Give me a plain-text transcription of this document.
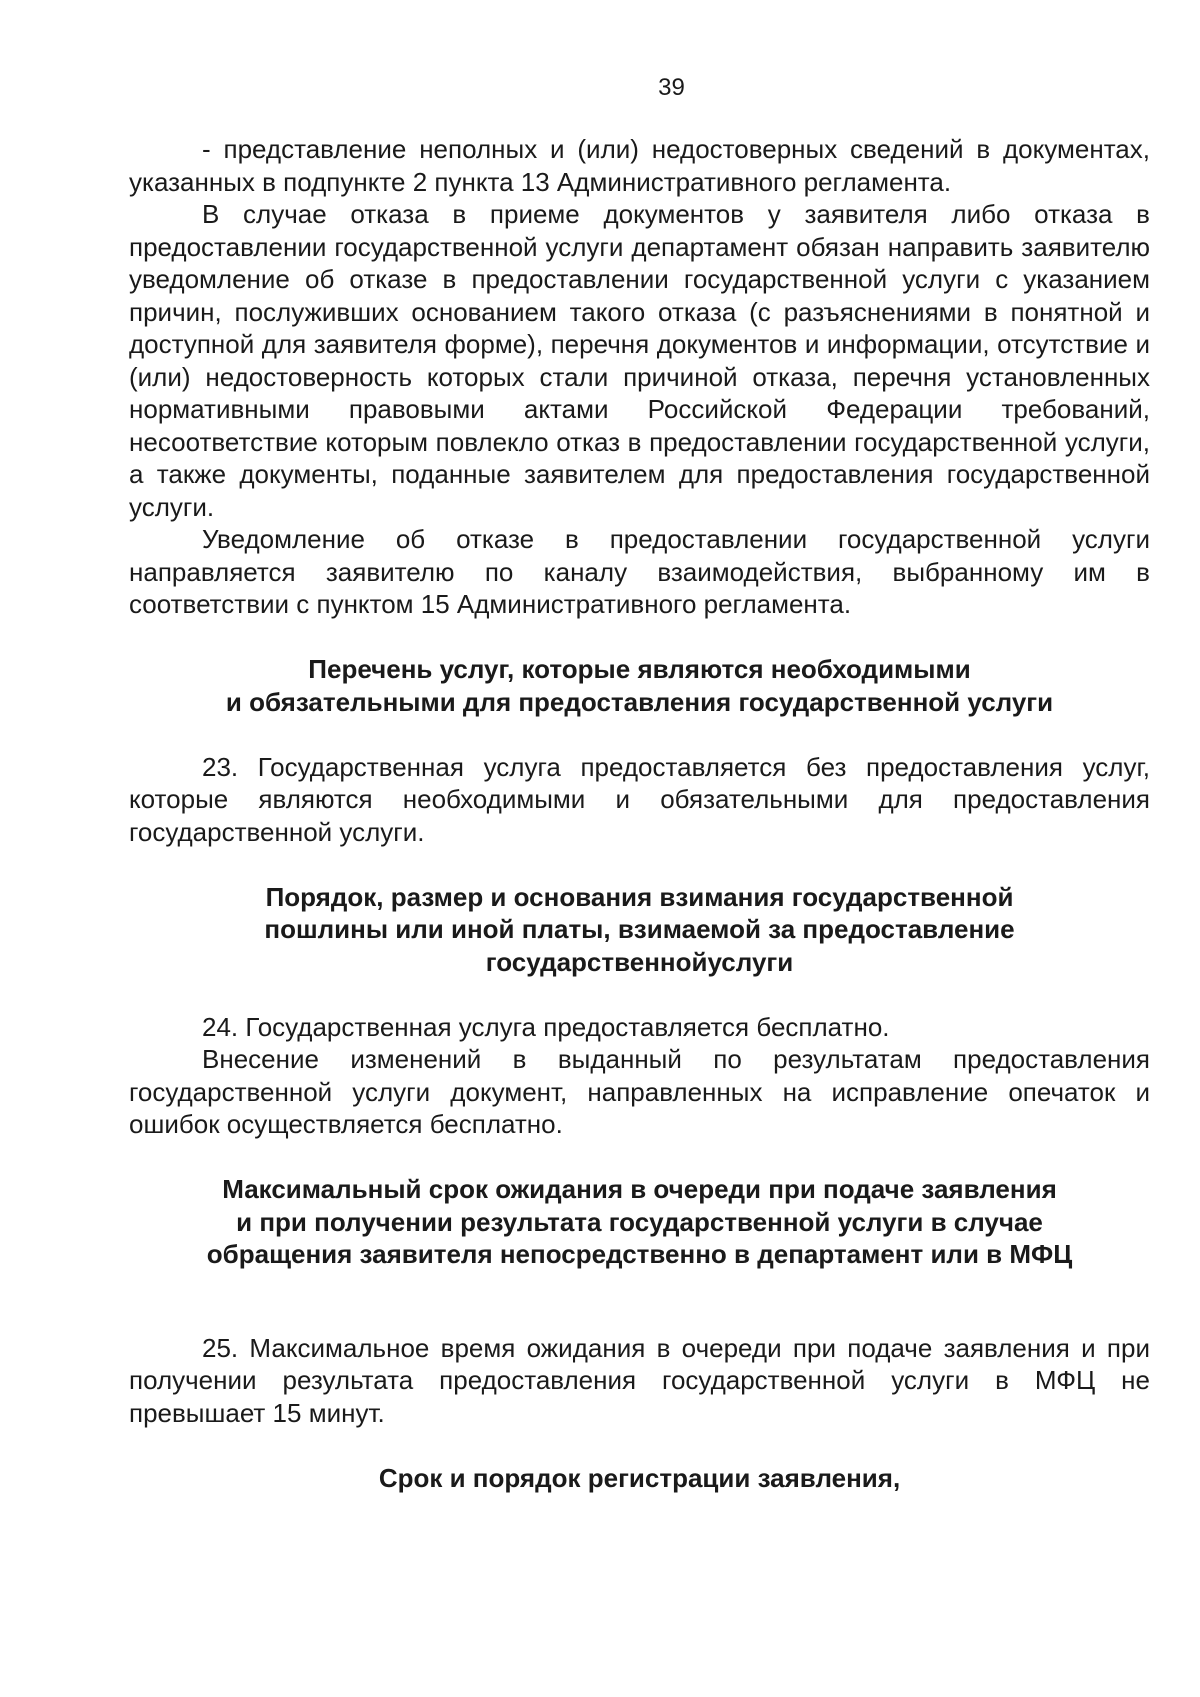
39

- представление неполных и (или) недостоверных сведений в документах, указанных в подпункте 2 пункта 13 Административного регламента.

В случае отказа в приеме документов у заявителя либо отказа в предоставлении государственной услуги департамент обязан направить заявителю уведомление об отказе в предоставлении государственной услуги с указанием причин, послуживших основанием такого отказа (с разъяснениями в понятной и доступной для заявителя форме), перечня документов и информации, отсутствие и (или) недостоверность которых стали причиной отказа, перечня установленных нормативными правовыми актами Российской Федерации требований, несоответствие которым повлекло отказ в предоставлении государственной услуги, а также документы, поданные заявителем для предоставления государственной услуги.

Уведомление об отказе в предоставлении государственной услуги направляется заявителю по каналу взаимодействия, выбранному им в соответствии с пунктом 15 Административного регламента.

Перечень услуг, которые являются необходимыми

и обязательными для предоставления государственной услуги

23. Государственная услуга предоставляется без предоставления услуг, которые являются необходимыми и обязательными для предоставления государственной услуги.

Порядок, размер и основания взимания государственной

пошлины или иной платы, взимаемой за предоставление

государственнойуслуги

24. Государственная услуга предоставляется бесплатно.

Внесение изменений в выданный по результатам предоставления государственной услуги документ, направленных на исправление опечаток и ошибок осуществляется бесплатно.

Максимальный срок ожидания в очереди при подаче заявления

и при получении результата государственной услуги в случае

обращения заявителя непосредственно в департамент или в МФЦ

25. Максимальное время ожидания в очереди при подаче заявления и при получении результата предоставления государственной услуги в МФЦ не превышает 15 минут.

Срок и порядок регистрации заявления,
